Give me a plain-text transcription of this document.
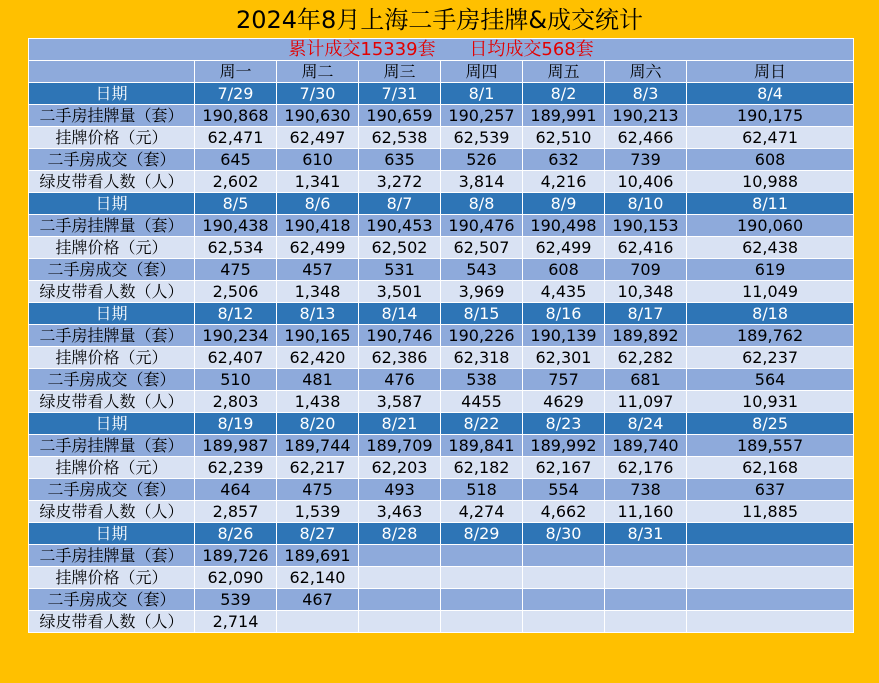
2024年8月上海二手房挂牌&成交统计
累计成交15339套 日均成交568套							
	周一	周二	周三	周四	周五	周六	周日
日期	7/29	7/30	7/31	8/1	8/2	8/3	8/4
二手房挂牌量（套）	190,868	190,630	190,659	190,257	189,991	190,213	190,175
挂牌价格（元）	62,471	62,497	62,538	62,539	62,510	62,466	62,471
二手房成交（套）	645	610	635	526	632	739	608
绿皮带看人数（人）	2,602	1,341	3,272	3,814	4,216	10,406	10,988
日期	8/5	8/6	8/7	8/8	8/9	8/10	8/11
二手房挂牌量（套）	190,438	190,418	190,453	190,476	190,498	190,153	190,060
挂牌价格（元）	62,534	62,499	62,502	62,507	62,499	62,416	62,438
二手房成交（套）	475	457	531	543	608	709	619
绿皮带看人数（人）	2,506	1,348	3,501	3,969	4,435	10,348	11,049
日期	8/12	8/13	8/14	8/15	8/16	8/17	8/18
二手房挂牌量（套）	190,234	190,165	190,746	190,226	190,139	189,892	189,762
挂牌价格（元）	62,407	62,420	62,386	62,318	62,301	62,282	62,237
二手房成交（套）	510	481	476	538	757	681	564
绿皮带看人数（人）	2,803	1,438	3,587	4455	4629	11,097	10,931
日期	8/19	8/20	8/21	8/22	8/23	8/24	8/25
二手房挂牌量（套）	189,987	189,744	189,709	189,841	189,992	189,740	189,557
挂牌价格（元）	62,239	62,217	62,203	62,182	62,167	62,176	62,168
二手房成交（套）	464	475	493	518	554	738	637
绿皮带看人数（人）	2,857	1,539	3,463	4,274	4,662	11,160	11,885
日期	8/26	8/27	8/28	8/29	8/30	8/31	
二手房挂牌量（套）	189,726	189,691					
挂牌价格（元）	62,090	62,140					
二手房成交（套）	539	467					
绿皮带看人数（人）	2,714						
